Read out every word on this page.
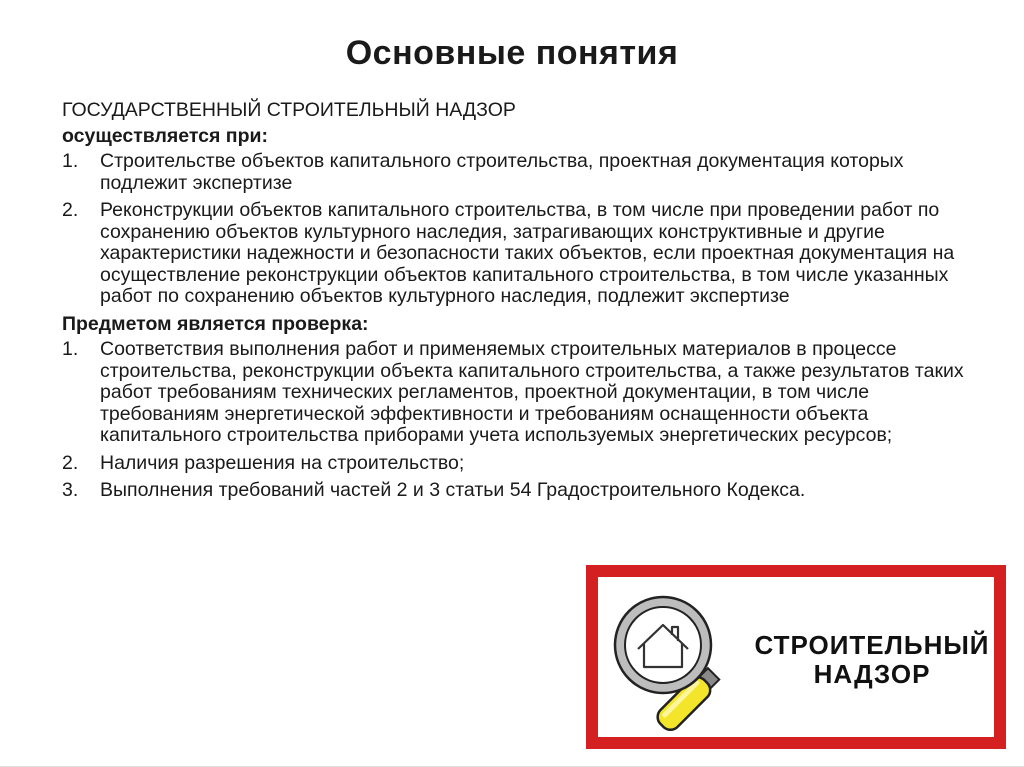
Основные понятия
ГОСУДАРСТВЕННЫЙ СТРОИТЕЛЬНЫЙ НАДЗОР
осуществляется при:
1.	Строительстве объектов капитального строительства, проектная документация которых подлежит экспертизе
2.	Реконструкции объектов капитального строительства, в том числе при проведении работ по сохранению объектов культурного наследия, затрагивающих конструктивные и другие характеристики надежности и безопасности таких объектов, если проектная документация на осуществление реконструкции объектов капитального строительства, в том числе указанных работ по сохранению объектов культурного наследия, подлежит экспертизе
Предметом является проверка:
1.	Соответствия выполнения работ и применяемых строительных материалов в процессе строительства, реконструкции объекта капитального строительства, а также результатов таких работ требованиям технических регламентов, проектной документации, в том числе требованиям энергетической эффективности и требованиям оснащенности объекта капитального строительства приборами учета используемых энергетических ресурсов;
2.	Наличия разрешения на строительство;
3.	Выполнения требований частей 2 и 3 статьи 54 Градостроительного Кодекса.
СТРОИТЕЛЬНЫЙ
НАДЗОР
